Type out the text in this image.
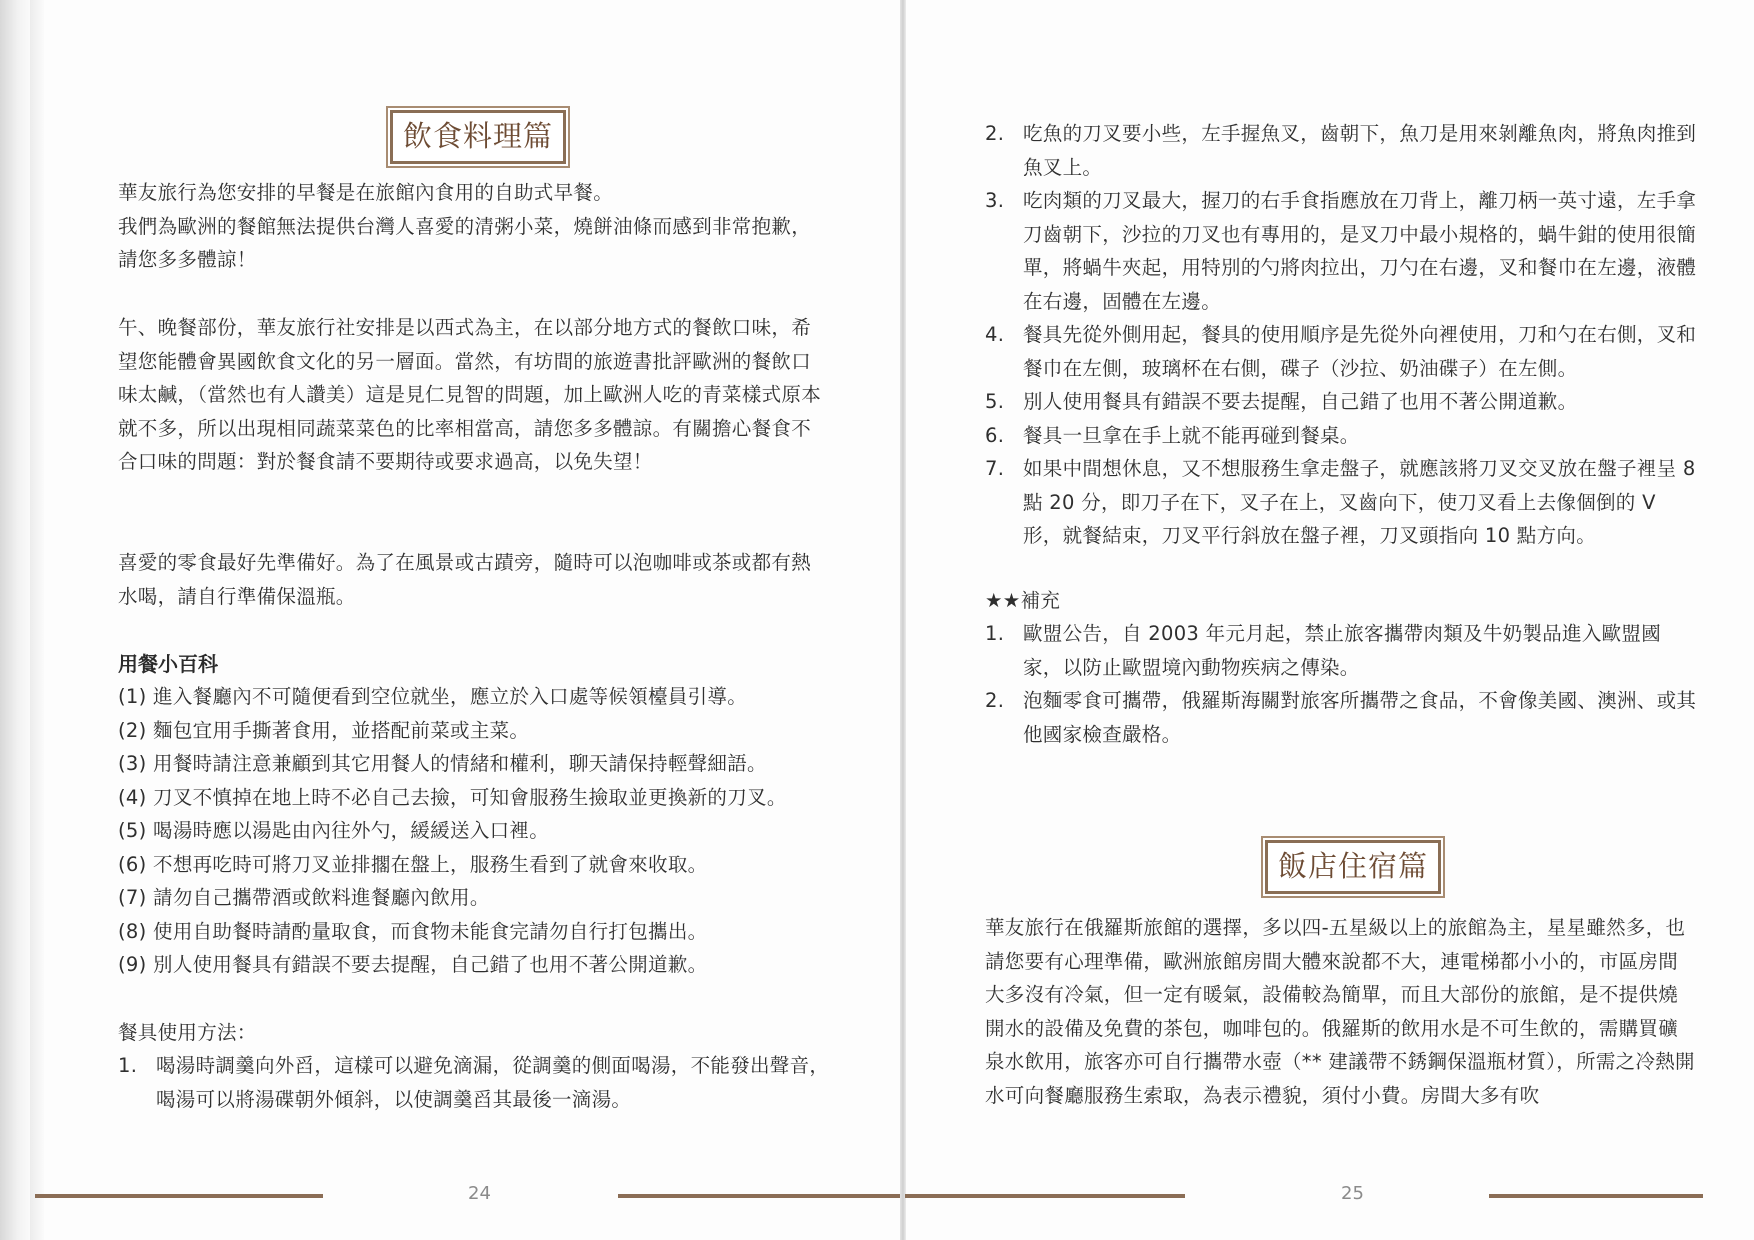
飲食料理篇

華友旅行為您安排的早餐是在旅館內食用的自助式早餐。

我們為歐洲的餐館無法提供台灣人喜愛的清粥小菜，燒餅油條而感到非常抱歉，請您多多體諒！

午、晚餐部份，華友旅行社安排是以西式為主，在以部分地方式的餐飲口味，希望您能體會異國飲食文化的另一層面。當然，有坊間的旅遊書批評歐洲的餐飲口味太鹹，（當然也有人讚美）這是見仁見智的問題，加上歐洲人吃的青菜樣式原本就不多，所以出現相同蔬菜菜色的比率相當高，請您多多體諒。有關擔心餐食不合口味的問題：對於餐食請不要期待或要求過高，以免失望！
喜愛的零食最好先準備好。為了在風景或古蹟旁，隨時可以泡咖啡或茶或都有熱水喝，請自行準備保溫瓶。
用餐小百科
(1) 進入餐廳內不可隨便看到空位就坐，應立於入口處等候領檯員引導。
(2) 麵包宜用手撕著食用，並搭配前菜或主菜。
(3) 用餐時請注意兼顧到其它用餐人的情緒和權利，聊天請保持輕聲細語。
(4) 刀叉不慎掉在地上時不必自己去撿，可知會服務生撿取並更換新的刀叉。
(5) 喝湯時應以湯匙由內往外勺，緩緩送入口裡。
(6) 不想再吃時可將刀叉並排擱在盤上，服務生看到了就會來收取。
(7) 請勿自己攜帶酒或飲料進餐廳內飲用。
(8) 使用自助餐時請酌量取食，而食物未能食完請勿自行打包攜出。
(9) 別人使用餐具有錯誤不要去提醒，自己錯了也用不著公開道歉。
餐具使用方法：
1. 喝湯時調羹向外舀，這樣可以避免滴漏，從調羹的側面喝湯，不能發出聲音，喝湯可以將湯碟朝外傾斜，以使調羹舀其最後一滴湯。
24
2. 吃魚的刀叉要小些，左手握魚叉，齒朝下，魚刀是用來剝離魚肉，將魚肉推到魚叉上。
3. 吃肉類的刀叉最大，握刀的右手食指應放在刀背上，離刀柄一英寸遠，左手拿刀齒朝下，沙拉的刀叉也有專用的，是叉刀中最小規格的，蝸牛鉗的使用很簡單，將蝸牛夾起，用特別的勺將肉拉出，刀勺在右邊，叉和餐巾在左邊，液體在右邊，固體在左邊。
4. 餐具先從外側用起，餐具的使用順序是先從外向裡使用，刀和勺在右側，叉和餐巾在左側，玻璃杯在右側，碟子（沙拉、奶油碟子）在左側。
5. 別人使用餐具有錯誤不要去提醒，自己錯了也用不著公開道歉。
6. 餐具一旦拿在手上就不能再碰到餐桌。
7. 如果中間想休息，又不想服務生拿走盤子，就應該將刀叉交叉放在盤子裡呈 8 點 20 分，即刀子在下，叉子在上，叉齒向下，使刀叉看上去像個倒的 V 形，就餐結束，刀叉平行斜放在盤子裡，刀叉頭指向 10 點方向。
★★補充
1. 歐盟公告，自 2003 年元月起，禁止旅客攜帶肉類及牛奶製品進入歐盟國家，以防止歐盟境內動物疾病之傳染。
2. 泡麵零食可攜帶，俄羅斯海關對旅客所攜帶之食品，不會像美國、澳洲、或其他國家檢查嚴格。
飯店住宿篇
華友旅行在俄羅斯旅館的選擇，多以四-五星級以上的旅館為主，星星雖然多，也請您要有心理準備，歐洲旅館房間大體來說都不大，連電梯都小小的，市區房間大多沒有冷氣，但一定有暖氣，設備較為簡單，而且大部份的旅館，是不提供燒開水的設備及免費的茶包，咖啡包的。俄羅斯的飲用水是不可生飲的，需購買礦泉水飲用，旅客亦可自行攜帶水壺（** 建議帶不銹鋼保溫瓶材質），所需之冷熱開水可向餐廳服務生索取，為表示禮貌，須付小費。房間大多有吹
25
